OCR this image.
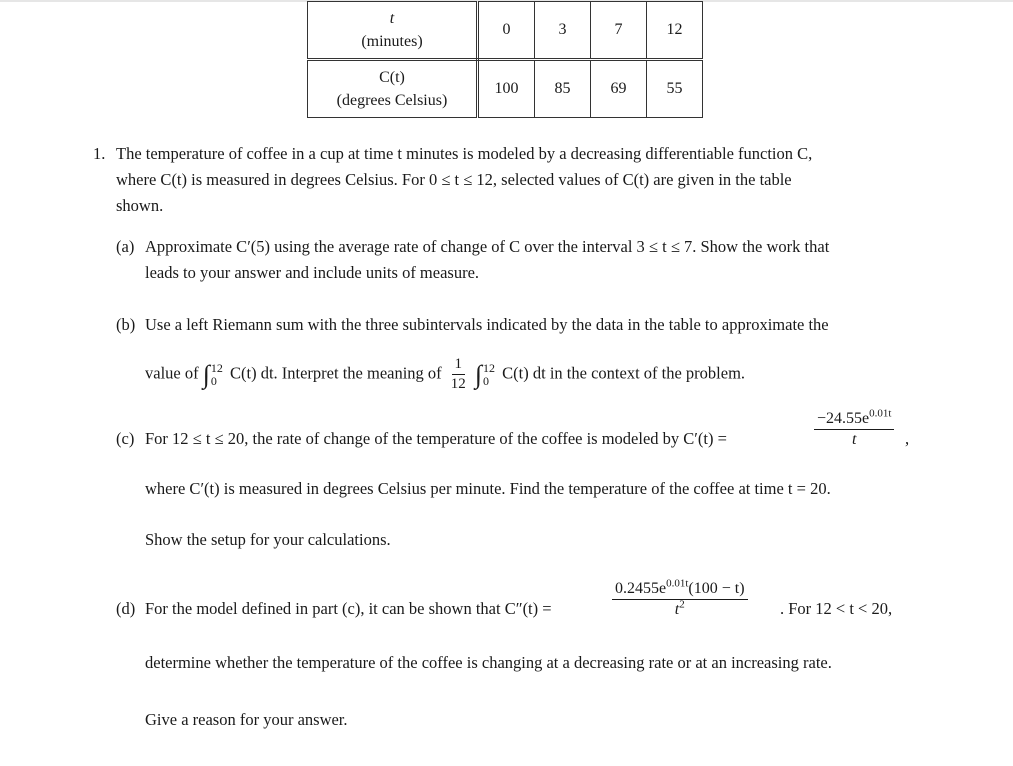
t
(minutes)	0	3	7	12

C(t)
(degrees Celsius)	100	85	69	55
1. The temperature of coffee in a cup at time t minutes is modeled by a decreasing differentiable function C,
where C(t) is measured in degrees Celsius. For 0 ≤ t ≤ 12, selected values of C(t) are given in the table
shown.
(a) Approximate C′(5) using the average rate of change of C over the interval 3 ≤ t ≤ 7. Show the work that
leads to your answer and include units of measure.
(b) Use a left Riemann sum with the three subintervals indicated by the data in the table to approximate the
value of ∫ 12
0 C(t) dt. Interpret the meaning of $\frac{1}{12}$
∫ 12
0 C(t) dt in the context of the problem.
(c) For 12 ≤ t ≤ 20, the rate of change of the temperature of the coffee is modeled by C′(t) =	$\frac{-24.55e^{0.01t}}{t}$ ,
where C′(t) is measured in degrees Celsius per minute. Find the temperature of the coffee at time t = 20.
Show the setup for your calculations.
(d) For the model defined in part (c), it can be shown that C″(t) =	$\frac{0.2455e^{0.01t}(100 - t)}{t^2}$ . For 12 < t < 20,
determine whether the temperature of the coffee is changing at a decreasing rate or at an increasing rate.
Give a reason for your answer.
